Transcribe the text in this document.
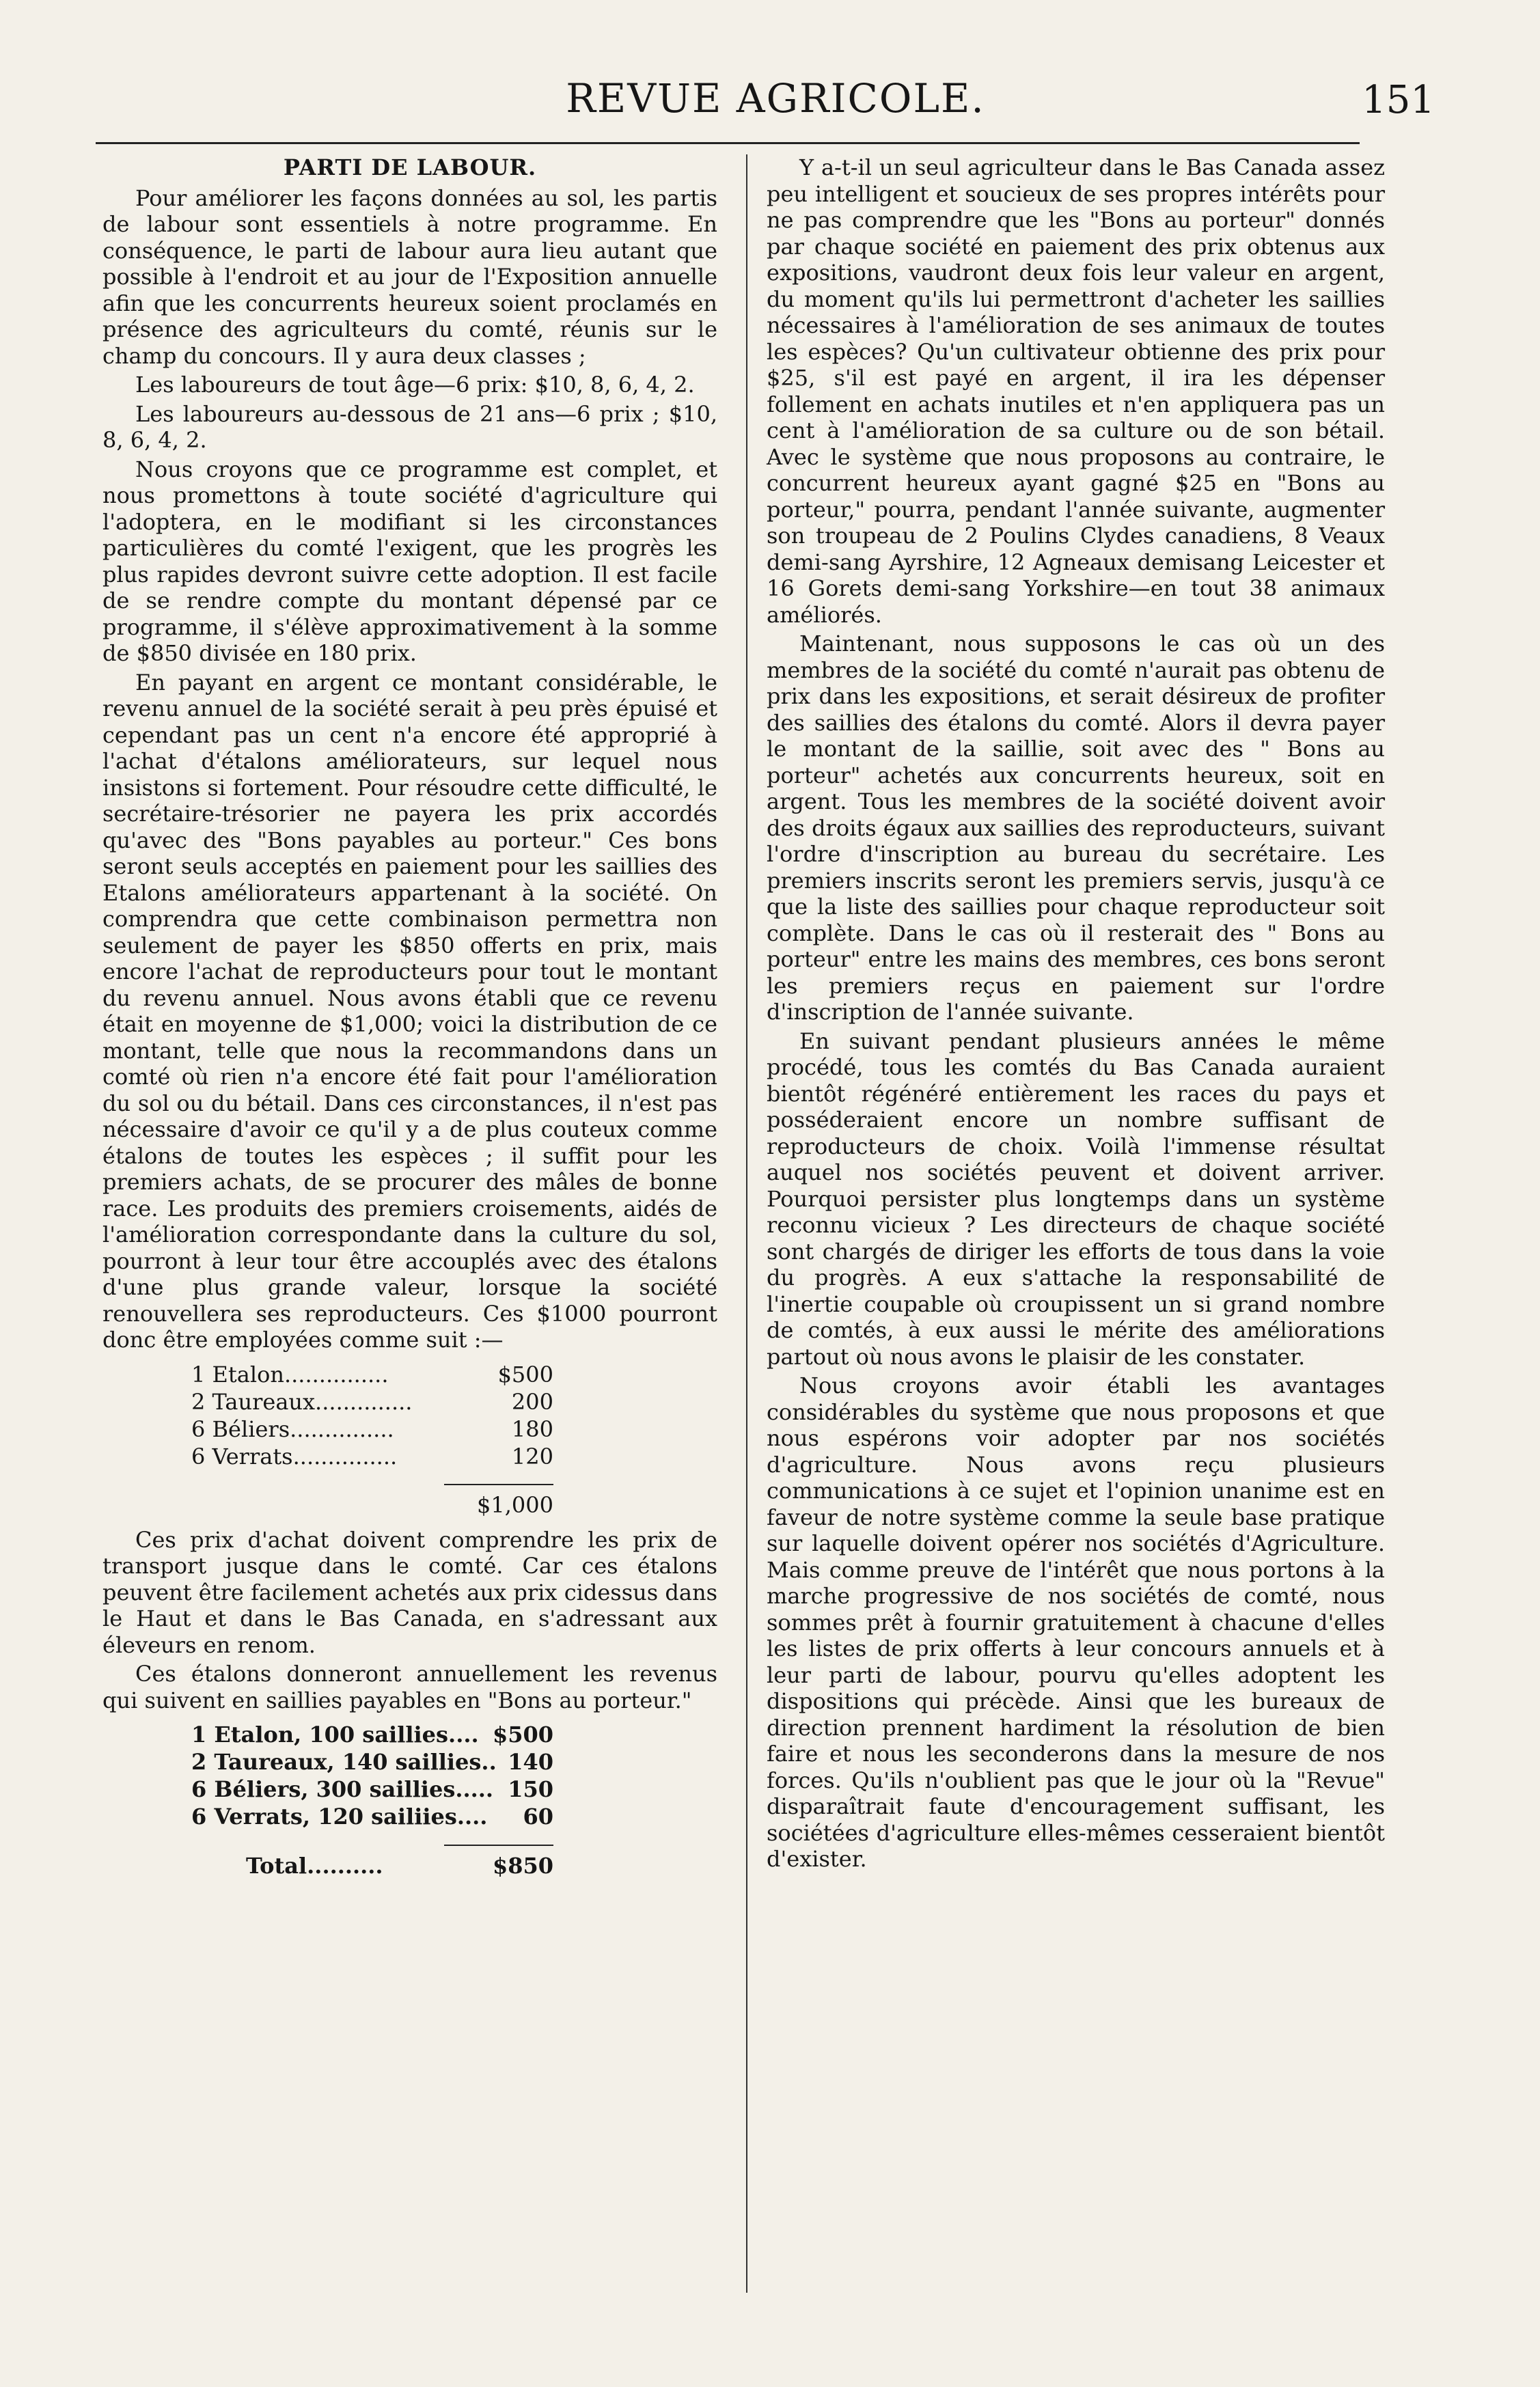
REVUE AGRICOLE.	151
PARTI DE LABOUR.

Pour améliorer les façons données au sol, les partis de labour sont essentiels à notre programme. En conséquence, le parti de labour aura lieu autant que possible à l'endroit et au jour de l'Exposition annuelle afin que les concurrents heureux soient proclamés en présence des agriculteurs du comté, réunis sur le champ du concours. Il y aura deux classes ;

Les laboureurs de tout âge—6 prix: $10, 8, 6, 4, 2.

Les laboureurs au-dessous de 21 ans—6 prix ; $10, 8, 6, 4, 2.

Nous croyons que ce programme est complet, et nous promettons à toute société d'agriculture qui l'adoptera, en le modifiant si les circonstances particulières du comté l'exigent, que les progrès les plus rapides devront suivre cette adoption. Il est facile de se rendre compte du montant dépensé par ce programme, il s'élève approximativement à la somme de $850 divisée en 180 prix.

En payant en argent ce montant considérable, le revenu annuel de la société serait à peu près épuisé et cependant pas un cent n'a encore été approprié à l'achat d'étalons améliorateurs, sur lequel nous insistons si fortement. Pour résoudre cette difficulté, le secrétaire-trésorier ne payera les prix accordés qu'avec des "Bons payables au porteur." Ces bons seront seuls acceptés en paiement pour les saillies des Etalons améliorateurs appartenant à la société. On comprendra que cette combinaison permettra non seulement de payer les $850 offerts en prix, mais encore l'achat de reproducteurs pour tout le montant du revenu annuel. Nous avons établi que ce revenu était en moyenne de $1,000; voici la distribution de ce montant, telle que nous la recommandons dans un comté où rien n'a encore été fait pour l'amélioration du sol ou du bétail. Dans ces circonstances, il n'est pas nécessaire d'avoir ce qu'il y a de plus couteux comme étalons de toutes les espèces ; il suffit pour les premiers achats, de se procurer des mâles de bonne race. Les produits des premiers croisements, aidés de l'amélioration correspondante dans la culture du sol, pourront à leur tour être accouplés avec des étalons d'une plus grande valeur, lorsque la société renouvellera ses reproducteurs. Ces $1000 pourront donc être employées comme suit :—

1 Etalon...............	$500
2 Taureaux..............	200
6 Béliers...............	180
6 Verrats...............	120
$1,000

Ces prix d'achat doivent comprendre les prix de transport jusque dans le comté. Car ces étalons peuvent être facilement achetés aux prix cidessus dans le Haut et dans le Bas Canada, en s'adressant aux éleveurs en renom.

Ces étalons donneront annuellement les revenus qui suivent en saillies payables en "Bons au porteur."

1 Etalon, 100 saillies.... $500
2 Taureaux, 140 saillies.. 140
6 Béliers, 300 saillies..... 150
6 Verrats, 120 sailiies....	60
Total..........	$850

Y a-t-il un seul agriculteur dans le Bas Canada assez peu intelligent et soucieux de ses propres intérêts pour ne pas comprendre que les "Bons au porteur" donnés par chaque société en paiement des prix obtenus aux expositions, vaudront deux fois leur valeur en argent, du moment qu'ils lui permettront d'acheter les saillies nécessaires à l'amélioration de ses animaux de toutes les espèces? Qu'un cultivateur obtienne des prix pour $25, s'il est payé en argent, il ira les dépenser follement en achats inutiles et n'en appliquera pas un cent à l'amélioration de sa culture ou de son bétail. Avec le système que nous proposons au contraire, le concurrent heureux ayant gagné $25 en "Bons au porteur," pourra, pendant l'année suivante, augmenter son troupeau de 2 Poulins Clydes canadiens, 8 Veaux demi-sang Ayrshire, 12 Agneaux demisang Leicester et 16 Gorets demi-sang Yorkshire—en tout 38 animaux améliorés.

Maintenant, nous supposons le cas où un des membres de la société du comté n'aurait pas obtenu de prix dans les expositions, et serait désireux de profiter des saillies des étalons du comté. Alors il devra payer le montant de la saillie, soit avec des " Bons au porteur" achetés aux concurrents heureux, soit en argent. Tous les membres de la société doivent avoir des droits égaux aux saillies des reproducteurs, suivant l'ordre d'inscription au bureau du secrétaire. Les premiers inscrits seront les premiers servis, jusqu'à ce que la liste des saillies pour chaque reproducteur soit complète. Dans le cas où il resterait des " Bons au porteur" entre les mains des membres, ces bons seront les premiers reçus en paiement sur l'ordre d'inscription de l'année suivante.

En suivant pendant plusieurs années le même procédé, tous les comtés du Bas Canada auraient bientôt régénéré entièrement les races du pays et posséderaient encore un nombre suffisant de reproducteurs de choix. Voilà l'immense résultat auquel nos sociétés peuvent et doivent arriver. Pourquoi persister plus longtemps dans un système reconnu vicieux ? Les directeurs de chaque société sont chargés de diriger les efforts de tous dans la voie du progrès. A eux s'attache la responsabilité de l'inertie coupable où croupissent un si grand nombre de comtés, à eux aussi le mérite des améliorations partout où nous avons le plaisir de les constater.

Nous croyons avoir établi les avantages considérables du système que nous proposons et que nous espérons voir adopter par nos sociétés d'agriculture. Nous avons reçu plusieurs communications à ce sujet et l'opinion unanime est en faveur de notre système comme la seule base pratique sur laquelle doivent opérer nos sociétés d'Agriculture. Mais comme preuve de l'intérêt que nous portons à la marche progressive de nos sociétés de comté, nous sommes prêt à fournir gratuitement à chacune d'elles les listes de prix offerts à leur concours annuels et à leur parti de labour, pourvu qu'elles adoptent les dispositions qui précède. Ainsi que les bureaux de direction prennent hardiment la résolution de bien faire et nous les seconderons dans la mesure de nos forces. Qu'ils n'oublient pas que le jour où la "Revue" disparaîtrait faute d'encouragement suffisant, les sociétées d'agriculture elles-mêmes cesseraient bientôt d'exister.
